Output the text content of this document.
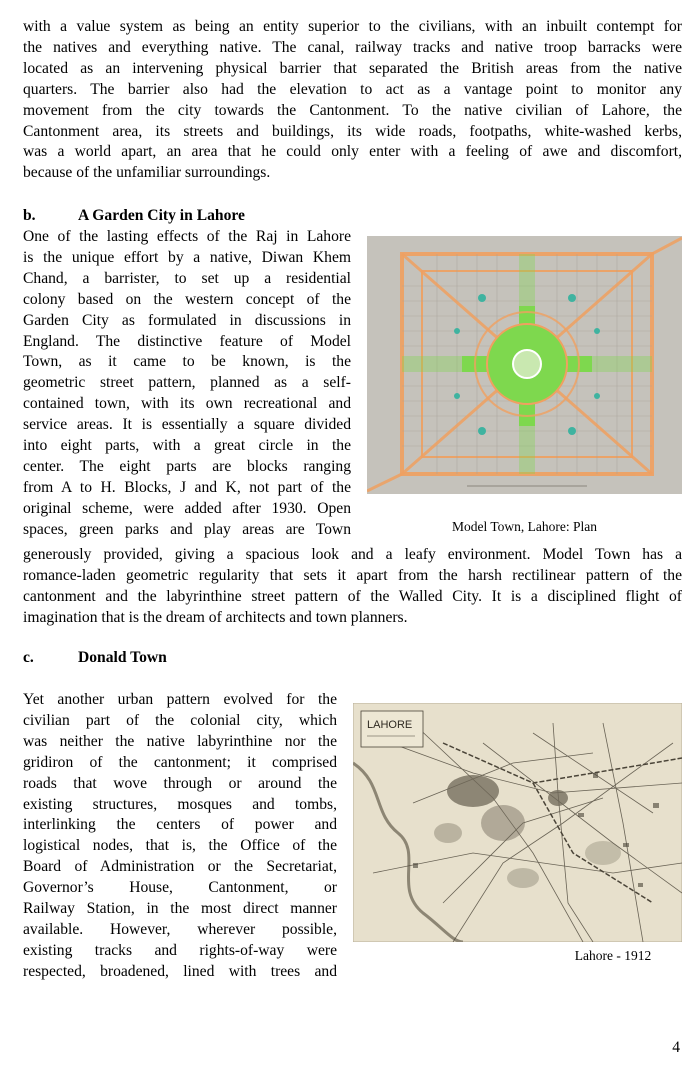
with a value system as being an entity superior to the civilians, with an inbuilt contempt for
the natives and everything native. The canal, railway tracks and native troop barracks were
located as an intervening physical barrier that separated the British areas from the native
quarters. The barrier also had the elevation to act as a vantage point to monitor any
movement from the city towards the Cantonment. To the native civilian of Lahore, the
Cantonment area, its streets and buildings, its wide roads, footpaths, white-washed kerbs,
was a world apart, an area that he could only enter with a feeling of awe and discomfort,
because of the unfamiliar surroundings.
b.	A Garden City in Lahore
One of the lasting effects of the Raj in Lahore
is the unique effort by a native, Diwan Khem
Chand, a barrister, to set up a residential
colony based on the western concept of the
Garden City as formulated in discussions in
England. The distinctive feature of Model
Town, as it came to be known, is the
geometric street pattern, planned as a self-
contained town, with its own recreational and
service areas. It is essentially a square divided
into eight parts, with a great circle in the
center. The eight parts are blocks ranging
from A to H. Blocks, J and K, not part of the
original scheme, were added after 1930. Open
spaces, green parks and play areas are Town	Model Town, Lahore: Plan
generously provided, giving a spacious look and a leafy environment. Model Town has a
romance-laden geometric regularity that sets it apart from the harsh rectilinear pattern of the
cantonment and the labyrinthine street pattern of the Walled City. It is a disciplined flight of
imagination that is the dream of architects and town planners.
c.	Donald Town
Yet another urban pattern evolved for the
civilian part of the colonial city, which
was neither the native labyrinthine nor the
gridiron of the cantonment; it comprised
roads that wove through or around the
existing structures, mosques and tombs,
interlinking the centers of power and
logistical nodes, that is, the Office of the
Board of Administration or the Secretariat,
Governor’s House, Cantonment, or
Railway Station, in the most direct manner
available. However, wherever possible,
existing tracks and rights-of-way were
respected, broadened, lined with trees and
LAHORE
Lahore - 1912
4
